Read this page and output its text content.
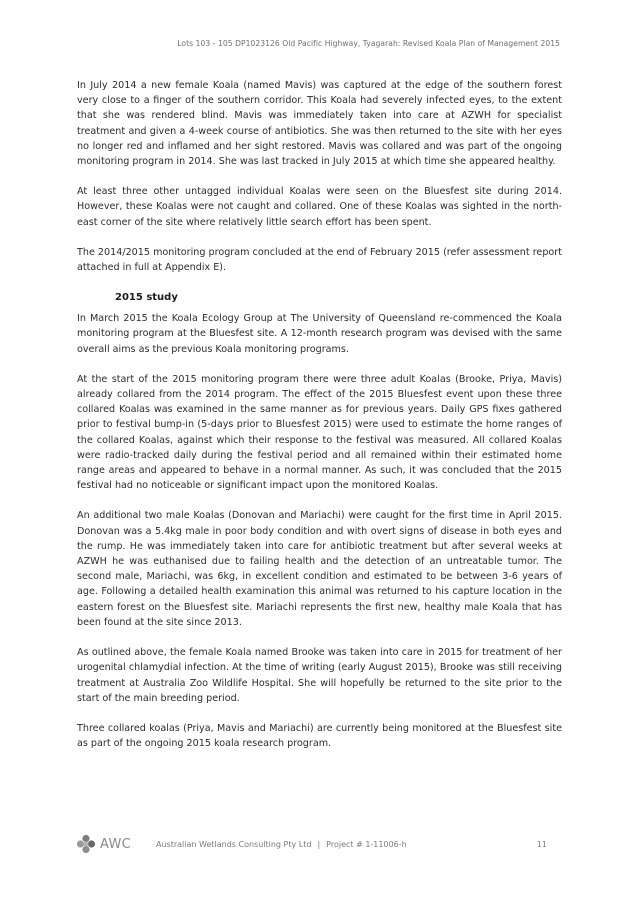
Lots 103 - 105 DP1023126 Old Pacific Highway, Tyagarah: Revised Koala Plan of Management 2015

In July 2014 a new female Koala (named Mavis) was captured at the edge of the southern forest very close to a finger of the southern corridor. This Koala had severely infected eyes, to the extent that she was rendered blind. Mavis was immediately taken into care at AZWH for specialist treatment and given a 4-week course of antibiotics. She was then returned to the site with her eyes no longer red and inflamed and her sight restored. Mavis was collared and was part of the ongoing monitoring program in 2014. She was last tracked in July 2015 at which time she appeared healthy.

At least three other untagged individual Koalas were seen on the Bluesfest site during 2014. However, these Koalas were not caught and collared. One of these Koalas was sighted in the north-east corner of the site where relatively little search effort has been spent.

The 2014/2015 monitoring program concluded at the end of February 2015 (refer assessment report attached in full at Appendix E).

2015 study

In March 2015 the Koala Ecology Group at The University of Queensland re-commenced the Koala monitoring program at the Bluesfest site. A 12-month research program was devised with the same overall aims as the previous Koala monitoring programs.

At the start of the 2015 monitoring program there were three adult Koalas (Brooke, Priya, Mavis) already collared from the 2014 program. The effect of the 2015 Bluesfest event upon these three collared Koalas was examined in the same manner as for previous years. Daily GPS fixes gathered prior to festival bump-in (5-days prior to Bluesfest 2015) were used to estimate the home ranges of the collared Koalas, against which their response to the festival was measured. All collared Koalas were radio-tracked daily during the festival period and all remained within their estimated home range areas and appeared to behave in a normal manner. As such, it was concluded that the 2015 festival had no noticeable or significant impact upon the monitored Koalas.

An additional two male Koalas (Donovan and Mariachi) were caught for the first time in April 2015. Donovan was a 5.4kg male in poor body condition and with overt signs of disease in both eyes and the rump. He was immediately taken into care for antibiotic treatment but after several weeks at AZWH he was euthanised due to failing health and the detection of an untreatable tumor. The second male, Mariachi, was 6kg, in excellent condition and estimated to be between 3-6 years of age. Following a detailed health examination this animal was returned to his capture location in the eastern forest on the Bluesfest site. Mariachi represents the first new, healthy male Koala that has been found at the site since 2013.

As outlined above, the female Koala named Brooke was taken into care in 2015 for treatment of her urogenital chlamydial infection. At the time of writing (early August 2015), Brooke was still receiving treatment at Australia Zoo Wildlife Hospital. She will hopefully be returned to the site prior to the start of the main breeding period.

Three collared koalas (Priya, Mavis and Mariachi) are currently being monitored at the Bluesfest site as part of the ongoing 2015 koala research program.

AWC	Australian Wetlands Consulting Pty Ltd | Project # 1-11006-h	11
